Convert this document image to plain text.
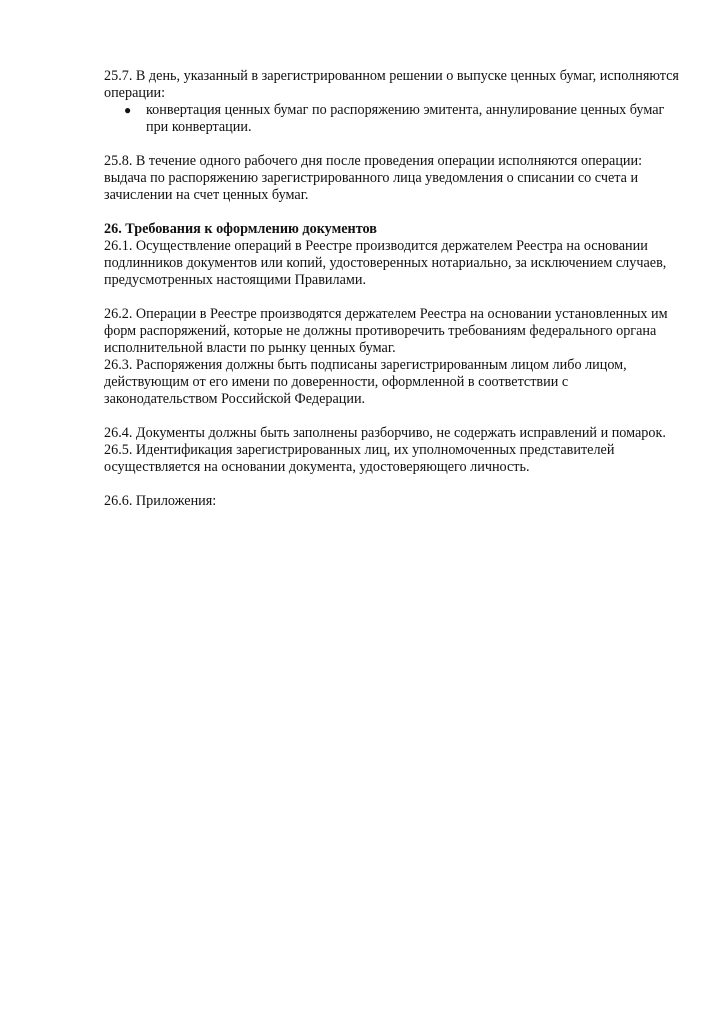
25.7. В день, указанный в зарегистрированном решении о выпуске ценных бумаг, исполняются операции:

● конвертация ценных бумаг по распоряжению эмитента, аннулирование ценных бумаг при конвертации.

25.8. В течение одного рабочего дня после проведения операции исполняются операции: выдача по распоряжению зарегистрированного лица уведомления о списании со счета и зачислении на счет ценных бумаг.

26. Требования к оформлению документов

26.1. Осуществление операций в Реестре производится держателем Реестра на основании подлинников документов или копий, удостоверенных нотариально, за исключением случаев, предусмотренных настоящими Правилами.

26.2. Операции в Реестре производятся держателем Реестра на основании установленных им форм распоряжений, которые не должны противоречить требованиям федерального органа исполнительной власти по рынку ценных бумаг.

26.3. Распоряжения должны быть подписаны зарегистрированным лицом либо лицом, действующим от его имени по доверенности, оформленной в соответствии с законодательством Российской Федерации.

26.4. Документы должны быть заполнены разборчиво, не содержать исправлений и помарок.

26.5. Идентификация зарегистрированных лиц, их уполномоченных представителей осуществляется на основании документа, удостоверяющего личность.

26.6. Приложения:
